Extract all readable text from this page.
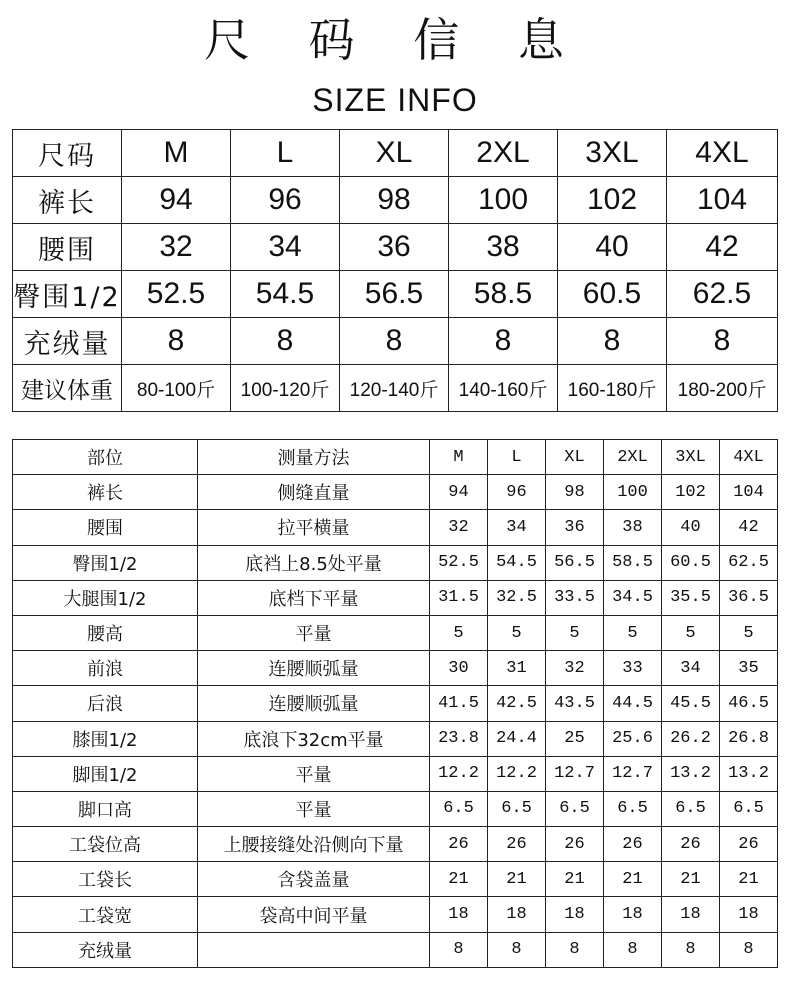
尺 码 信 息
SIZE INFO
尺码	M	L	XL	2XL	3XL	4XL
裤长	94	96	98	100	102	104
腰围	32	34	36	38	40	42
臀围1/2	52.5	54.5	56.5	58.5	60.5	62.5
充绒量	8	8	8	8	8	8
建议体重	80-100斤	100-120斤	120-140斤	140-160斤	160-180斤	180-200斤
部位	测量方法	M	L	XL	2XL	3XL	4XL
裤长	侧缝直量	94	96	98	100	102	104
腰围	拉平横量	32	34	36	38	40	42
臀围1/2	底裆上8.5处平量	52.5	54.5	56.5	58.5	60.5	62.5
大腿围1/2	底档下平量	31.5	32.5	33.5	34.5	35.5	36.5
腰高	平量	5	5	5	5	5	5
前浪	连腰顺弧量	30	31	32	33	34	35
后浪	连腰顺弧量	41.5	42.5	43.5	44.5	45.5	46.5
膝围1/2	底浪下32cm平量	23.8	24.4	25	25.6	26.2	26.8
脚围1/2	平量	12.2	12.2	12.7	12.7	13.2	13.2
脚口高	平量	6.5	6.5	6.5	6.5	6.5	6.5
工袋位高	上腰接缝处沿侧向下量	26	26	26	26	26	26
工袋长	含袋盖量	21	21	21	21	21	21
工袋宽	袋高中间平量	18	18	18	18	18	18
充绒量		8	8	8	8	8	8
